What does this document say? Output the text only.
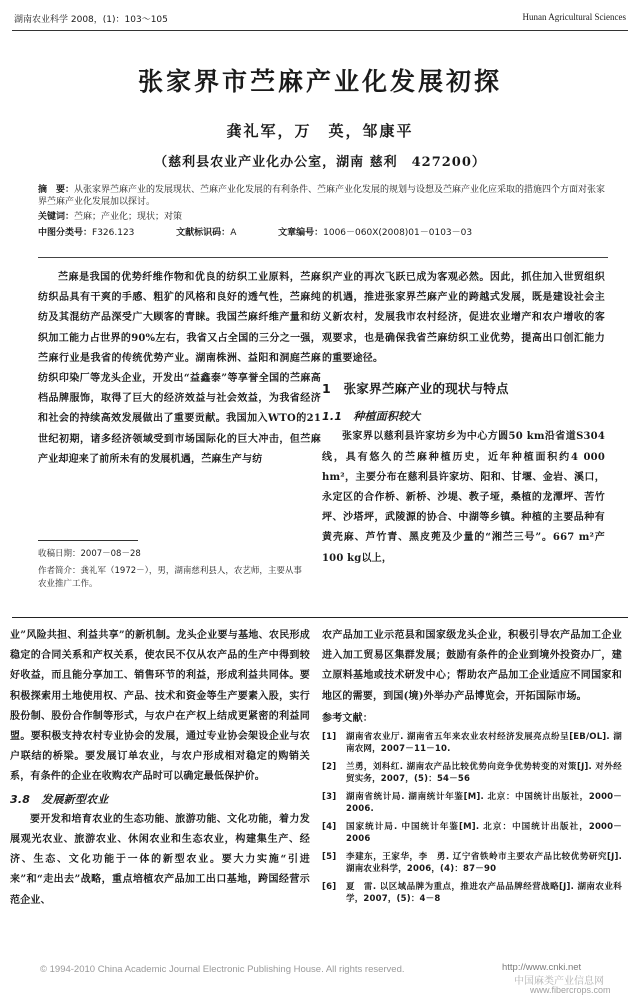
湖南农业科学 2008，(1)：103～105	Hunan Agricultural Sciences
张家界市苎麻产业化发展初探
龚礼军，万　英，邹康平
（慈利县农业产业化办公室，湖南 慈利　427200）
摘　要：从张家界苎麻产业的发展现状、苎麻产业化发展的有利条件、苎麻产业化发展的规划与设想及苎麻产业化应采取的措施四个方面对张家界苎麻产业化发展加以探讨。
关键词：苎麻；产业化；现状；对策
中图分类号：F326.123	文献标识码：A	文章编号：1006－060X(2008)01－0103－03

苎麻是我国的优势纤维作物和优良的纺织工业原料，苎麻纺织品具有干爽的手感、粗犷的风格和良好的透气性，苎麻纯纺及其混纺产品深受广大顾客的青睐。我国苎麻纤维产量和纺织加工能力占世界的90%左右，我省又占全国的三分之一强，苎麻行业是我省的传统优势产业。湖南株洲、益阳和洞庭苎麻纺织印染厂等龙头企业，开发出“益鑫泰”等享誉全国的苎麻高档品牌服饰，取得了巨大的经济效益与社会效益，为我省经济和社会的持续高效发展做出了重要贡献。我国加入WTO的21世纪初期，诸多经济领域受到市场国际化的巨大冲击，但苎麻产业却迎来了前所未有的发展机遇，苎麻生产与纺

织产业的再次飞跃已成为客观必然。因此，抓住加入世贸组织的机遇，推进张家界苎麻产业的跨越式发展，既是建设社会主义新农村，发展我市农村经济，促进农业增产和农户增收的客观要求，也是确保我省苎麻纺织工业优势，提高出口创汇能力的重要途径。

1　张家界苎麻产业的现状与特点
1.1　种植面积较大

张家界以慈利县许家坊乡为中心方圆50 km沿省道S304线，具有悠久的苎麻种植历史，近年种植面积约4 000 hm²，主要分布在慈利县许家坊、阳和、甘堰、金岩、溪口，永定区的合作桥、新桥、沙堤、教子垭，桑植的龙潭坪、苦竹坪、沙塔坪，武陵源的协合、中湖等乡镇。种植的主要品种有黄壳麻、芦竹青、黑皮蔸及少量的“湘苎三号”。667 m²产100 kg以上，

收稿日期：2007－08－28
作者简介：龚礼军（1972－），男，湖南慈利县人，农艺师，主要从事农业推广工作。

业”风险共担、利益共享”的新机制。龙头企业要与基地、农民形成稳定的合同关系和产权关系，使农民不仅从农产品的生产中得到较好收益，而且能分享加工、销售环节的利益，形成利益共同体。要积极探索用土地使用权、产品、技术和资金等生产要素入股，实行股份制、股份合作制等形式，与农户在产权上结成更紧密的利益同盟。要积极支持农村专业协会的发展，通过专业协会架设企业与农户联结的桥梁。要发展订单农业，与农户形成相对稳定的购销关系，有条件的企业在收购农产品时可以确定最低保护价。

3.8　发展新型农业

要开发和培育农业的生态功能、旅游功能、文化功能，着力发展观光农业、旅游农业、休闲农业和生态农业，构建集生产、经济、生态、文化功能于一体的新型农业。要大力实施“引进来”和“走出去”战略，重点培植农产品加工出口基地，跨国经营示范企业、

农产品加工业示范县和国家级龙头企业，积极引导农产品加工企业进入加工贸易区集群发展；鼓励有条件的企业到境外投资办厂，建立原料基地或技术研发中心；帮助农产品加工企业适应不同国家和地区的需要，到国(境)外举办产品博览会，开拓国际市场。

参考文献：
[1]	湖南省农业厅. 湖南省五年来农业农村经济发展亮点纷呈[EB/OL]. 湖南农网，2007－11－10.
[2]	兰勇，刘科红. 湖南农产品比较优势向竞争优势转变的对策[J]. 对外经贸实务，2007，(5)：54－56
[3]	湖南省统计局. 湖南统计年鉴[M]. 北京：中国统计出版社，2000－2006.
[4]	国家统计局. 中国统计年鉴[M]. 北京：中国统计出版社，2000－2006
[5]	李建东，王家华，李　勇. 辽宁省铁岭市主要农产品比较优势研究[J]. 湖南农业科学，2006，(4)：87－90
[6]	夏　雷. 以区域品牌为重点，推进农产品品牌经营战略[J]. 湖南农业科学，2007，(5)：4－8
© 1994-2010 China Academic Journal Electronic Publishing House. All rights reserved.	http://www.cnki.net
中国麻类产业信息网
www.fibercrops.com
